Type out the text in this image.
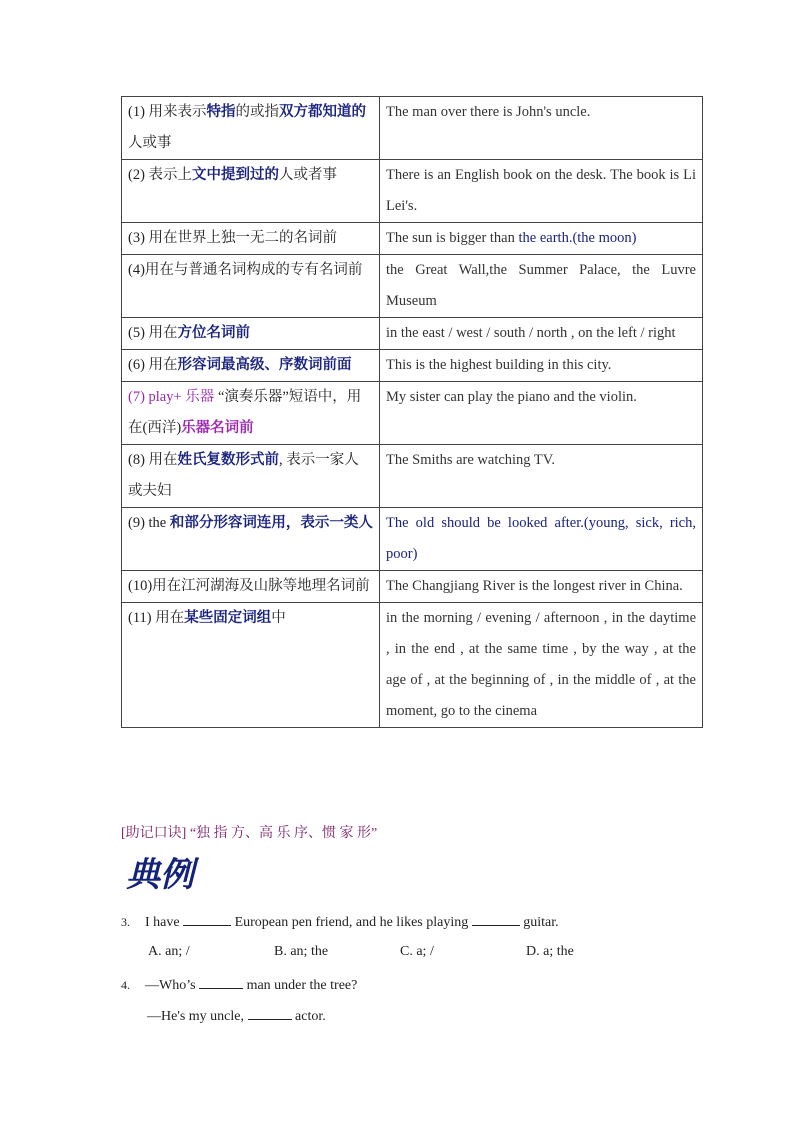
(1) 用来表示特指的或指双方都知道的人或事	The man over there is John's uncle.
(2) 表示上文中提到过的人或者事	There is an English book on the desk. The book is Li Lei's.
(3) 用在世界上独一无二的名词前	The sun is bigger than the earth.(the moon)
(4)用在与普通名词构成的专有名词前	the Great Wall,the Summer Palace, the Luvre Museum
(5) 用在方位名词前	in the east / west / south / north , on the left / right
(6) 用在形容词最高级、序数词前面	This is the highest building in this city.
(7) play+ 乐器 “演奏乐器”短语中，用在(西洋)乐器名词前	My sister can play the piano and the violin.
(8) 用在姓氏复数形式前, 表示一家人或夫妇	The Smiths are watching TV.
(9) the 和部分形容词连用，表示一类人	The old should be looked after.(young, sick, rich, poor)
(10)用在江河湖海及山脉等地理名词前	The Changjiang River is the longest river in China.
(11) 用在某些固定词组中	in the morning / evening / afternoon , in the daytime , in the end , at the same time , by the way , at the age of , at the beginning of , in the middle of , at the moment, go to the cinema
[助记口诀] “独 指 方、高 乐 序、惯 家 形”
典例
3. I have	European pen friend, and he likes playing	guitar.
A. an; /	B. an; the	C. a; /	D. a; the
4. —Who’s	man under the tree?
—He's my uncle,	actor.
